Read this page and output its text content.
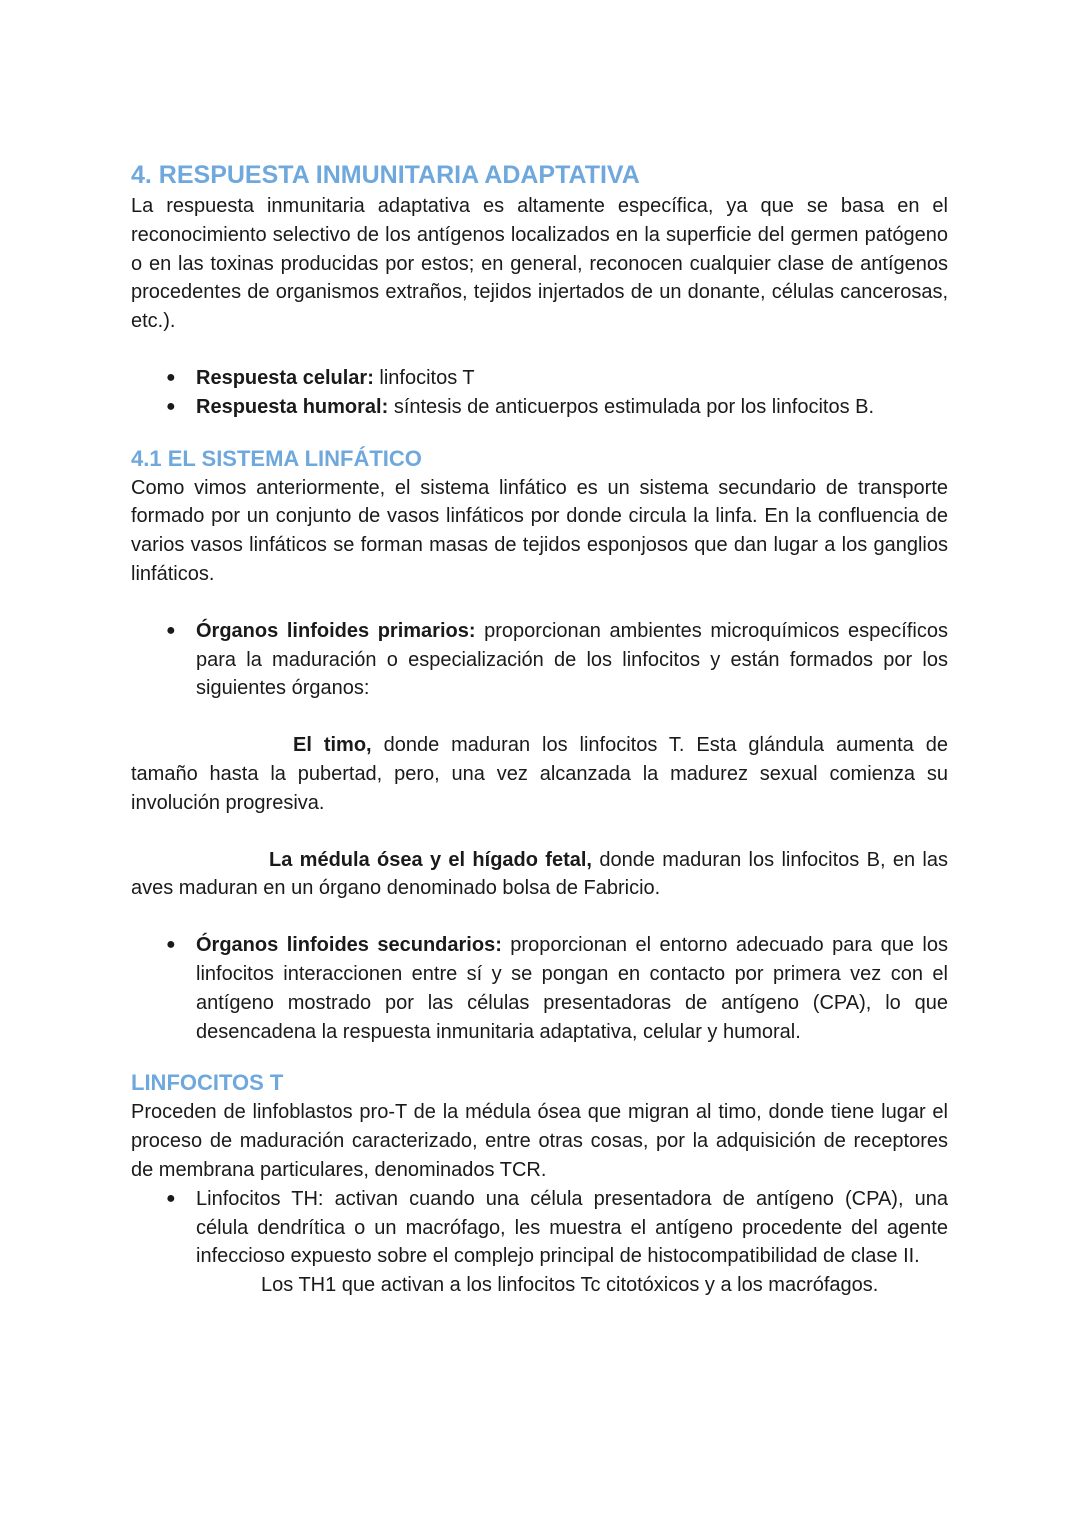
4. RESPUESTA INMUNITARIA ADAPTATIVA

La respuesta inmunitaria adaptativa es altamente específica, ya que se basa en el reconocimiento selectivo de los antígenos localizados en la superficie del germen patógeno o en las toxinas producidas por estos; en general, reconocen cualquier clase de antígenos procedentes de organismos extraños, tejidos injertados de un donante, células cancerosas, etc.).

● Respuesta celular: linfocitos T
● Respuesta humoral: síntesis de anticuerpos estimulada por los linfocitos B.
4.1 EL SISTEMA LINFÁTICO

Como vimos anteriormente, el sistema linfático es un sistema secundario de transporte formado por un conjunto de vasos linfáticos por donde circula la linfa. En la confluencia de varios vasos linfáticos se forman masas de tejidos esponjosos que dan lugar a los ganglios linfáticos.

● Órganos linfoides primarios: proporcionan ambientes microquímicos específicos para la maduración o especialización de los linfocitos y están formados por los siguientes órganos:

El timo, donde maduran los linfocitos T. Esta glándula aumenta de tamaño hasta la pubertad, pero, una vez alcanzada la madurez sexual comienza su involución progresiva.

La médula ósea y el hígado fetal, donde maduran los linfocitos B, en las aves maduran en un órgano denominado bolsa de Fabricio.

● Órganos linfoides secundarios: proporcionan el entorno adecuado para que los linfocitos interaccionen entre sí y se pongan en contacto por primera vez con el antígeno mostrado por las células presentadoras de antígeno (CPA), lo que desencadena la respuesta inmunitaria adaptativa, celular y humoral.
LINFOCITOS T

Proceden de linfoblastos pro-T de la médula ósea que migran al timo, donde tiene lugar el proceso de maduración caracterizado, entre otras cosas, por la adquisición de receptores de membrana particulares, denominados TCR.

● Linfocitos TH: activan cuando una célula presentadora de antígeno (CPA), una célula dendrítica o un macrófago, les muestra el antígeno procedente del agente infeccioso expuesto sobre el complejo principal de histocompatibilidad de clase II.

Los TH1 que activan a los linfocitos Tc citotóxicos y a los macrófagos.
